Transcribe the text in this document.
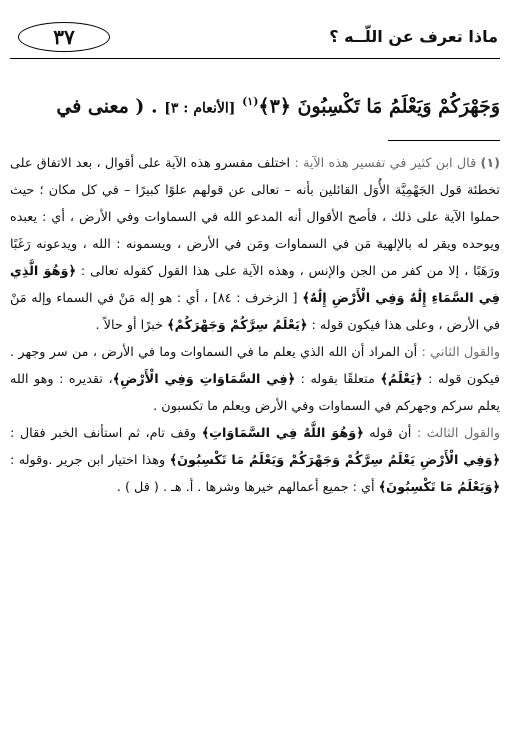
٣٧	ماذا تعرف عن اللّــه ؟
وَجَهْرَكُمْ وَيَعْلَمُ مَا تَكْسِبُونَ ﴿٣﴾$^{(١)}$ [الأنعام : ٣] . ( معنى في

(١) قال ابن كثير في تفسير هذه الآية : اختلف مفسرو هذه الآية على أقوال ، بعد الاتفاق على تخطئة قول الجَهْمِيَّة الأُوَل القائلين بأنه – تعالى عن قولهم علوًا كبيرًا – في كل مكان ؛ حيث حملوا الآية على ذلك ، فأصح الأقوال أنه المدعو الله في السماوات وفي الأرض ، أي : يعبده ويوحده ويقر له بالإلهية مَن في السماوات ومَن في الأرض ، ويسمونه : الله ، ويدعونه رَغَبًا ورَهَبًا ، إلا من كفر من الجن والإنس ، وهذه الآية على هذا القول كقوله تعالى : ﴿وَهُوَ الَّذِي فِي السَّمَاءِ إِلَٰهٌ وَفِي الْأَرْضِ إِلَٰهٌ﴾ [ الزخرف : ٨٤] ، أي : هو إله مَنْ في السماء وإله مَنْ في الأرض ، وعلى هذا فيكون قوله : ﴿يَعْلَمُ سِرَّكُمْ وَجَهْرَكُمْ﴾ خبرًا أو حالاً .

والقول الثاني : أن المراد أن الله الذي يعلم ما في السماوات وما في الأرض ، من سر وجهر . فيكون قوله : ﴿يَعْلَمُ﴾ متعلقًا بقوله : ﴿فِي السَّمَاوَاتِ وَفِي الْأَرْضِ﴾، تقديره : وهو الله يعلم سركم وجهركم في السماوات وفي الأرض ويعلم ما تكسبون .

والقول الثالث : أن قوله ﴿وَهُوَ اللَّهُ فِي السَّمَاوَاتِ﴾ وقف تام، ثم استأنف الخبر فقال : ﴿وَفِي الْأَرْضِ يَعْلَمُ سِرَّكُمْ وَجَهْرَكُمْ وَيَعْلَمُ مَا تَكْسِبُونَ﴾ وهذا اختيار ابن جرير .وقوله : ﴿وَيَعْلَمُ مَا تَكْسِبُونَ﴾ أي : جميع أعمالهم خيرها وشرها . أ. هـ . ( قل ) .
